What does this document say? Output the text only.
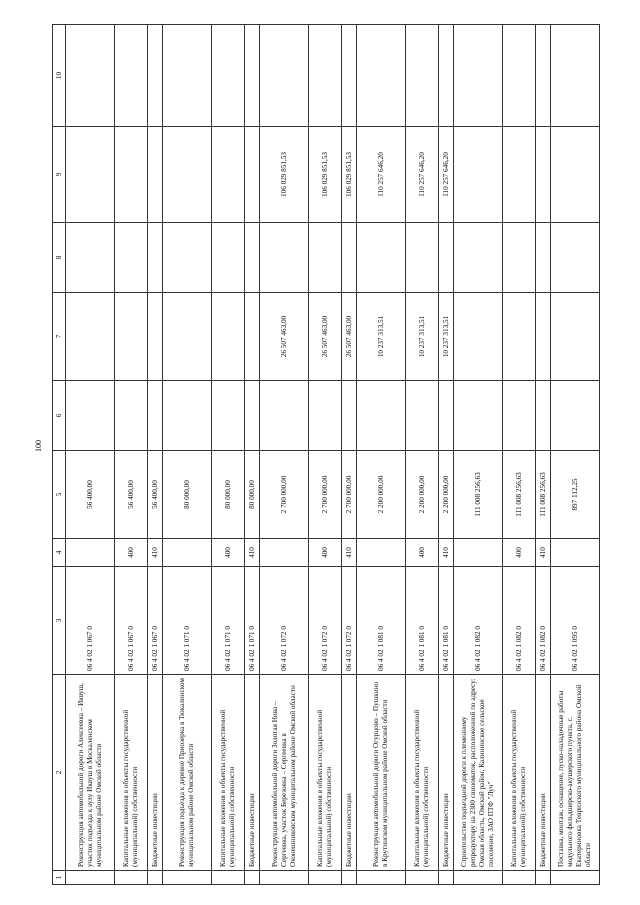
100
1	2	3	4	5	6	7	8	9	10
	Реконструкция автомобильной дороги Алексеевка – Иквуш, участок подъезда к аулу Иквуш в Москаленском муниципальном районе Омской области	06 4 02 1 067 0		56 400,00					
	Капитальные вложения в объекты государственной (муниципальной) собственности	06 4 02 1 067 0	400	56 400,00					
	Бюджетные инвестиции	06 4 02 1 067 0	410	56 400,00					
	Реконструкция подъезда к деревне Приозерка в Тюкалинском муниципальном районе Омской области	06 4 02 1 071 0		80 000,00					
	Капитальные вложения в объекты государственной (муниципальной) собственности	06 4 02 1 071 0	400	80 000,00					
	Бюджетные инвестиции	06 4 02 1 071 0	410	80 000,00					
	Реконструкция автомобильной дороги Золотая Нива – Сергеевка, участок Березовка – Сергеевка в Оконешниковском муниципальном районе Омской области	06 4 02 1 072 0		2 700 000,00		26 507 463,00		106 029 851,53	
	Капитальные вложения в объекты государственной (муниципальной) собственности	06 4 02 1 072 0	400	2 700 000,00		26 507 463,00		106 029 851,53	
	Бюджетные инвестиции	06 4 02 1 072 0	410	2 700 000,00		26 507 463,00		106 029 851,53	
	Реконструкция автомобильной дороги Огурцово – Пушкино в Крутинском муниципальном районе Омской области	06 4 02 1 081 0		2 200 000,00		10 237 313,51		110 257 646,20	
	Капитальные вложения в объекты государственной (муниципальной) собственности	06 4 02 1 081 0	400	2 200 000,00		10 237 313,51		110 257 646,20	
	Бюджетные инвестиции	06 4 02 1 081 0	410	2 200 000,00		10 237 313,51		110 257 646,20	
	Строительство подъездной дороги к племенному репродуктору на 2300 свиноматок, расположенной по адресу: Омская область, Омский район, Калининское сельское поселение, ЗАО ПТФ "Луч"	06 4 02 1 082 0		111 008 256,63					
	Капитальные вложения в объекты государственной (муниципальной) собственности	06 4 02 1 082 0	400	111 008 256,63					
	Бюджетные инвестиции	06 4 02 1 082 0	410	111 008 256,63					
	Поставка, монтаж, оснащение, пуско-наладочные работы модульного фельдшерско-акушерского пункта, с. Екатериновка Тевризского муниципального района Омской области	06 4 02 1 095 0		897 112,25					
